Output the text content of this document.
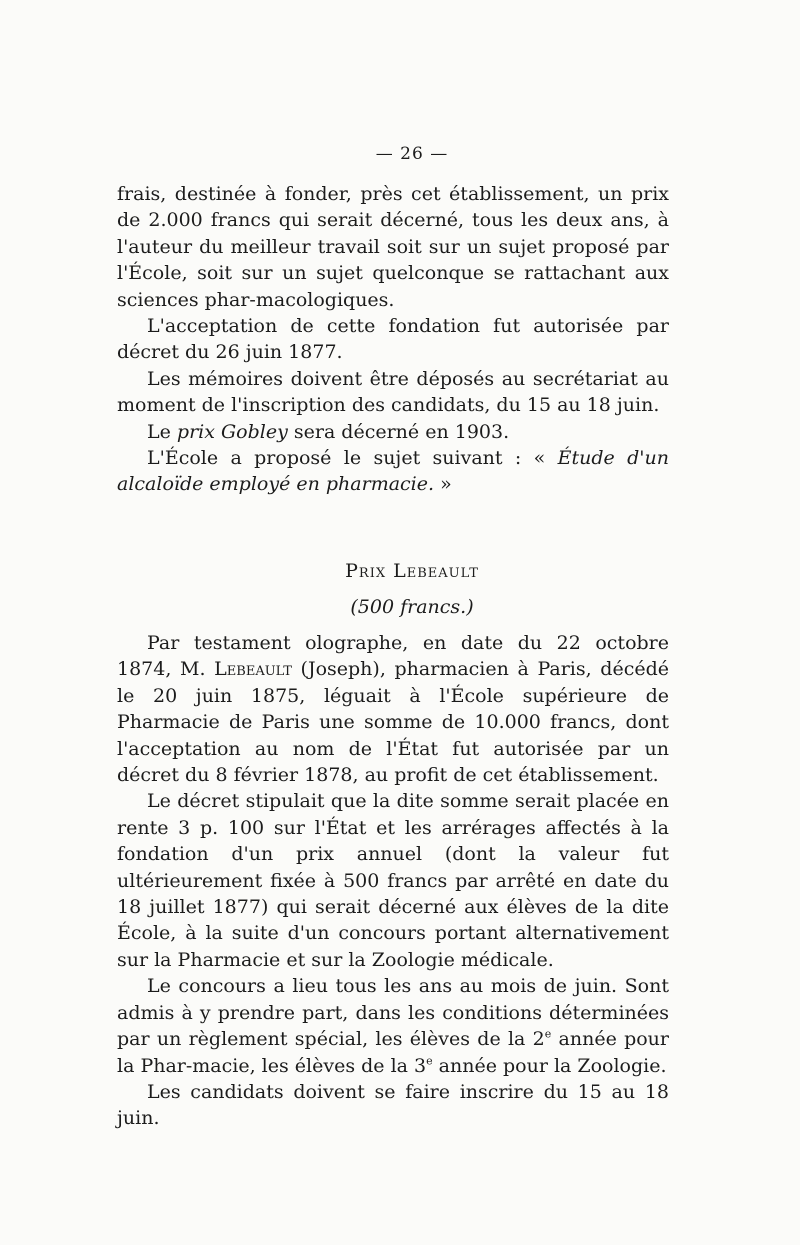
— 26 —

frais, destinée à fonder, près cet établissement, un prix de 2.000 francs qui serait décerné, tous les deux ans, à l'auteur du meilleur travail soit sur un sujet proposé par l'École, soit sur un sujet quelconque se rattachant aux sciences phar-macologiques.

L'acceptation de cette fondation fut autorisée par décret du 26 juin 1877.

Les mémoires doivent être déposés au secrétariat au moment de l'inscription des candidats, du 15 au 18 juin.

Le prix Gobley sera décerné en 1903.

L'École a proposé le sujet suivant : « Étude d'un alcaloïde employé en pharmacie. »

Prix Lebeault
(500 francs.)

Par testament olographe, en date du 22 octobre 1874, M. Lebeault (Joseph), pharmacien à Paris, décédé le 20 juin 1875, léguait à l'École supérieure de Pharmacie de Paris une somme de 10.000 francs, dont l'acceptation au nom de l'État fut autorisée par un décret du 8 février 1878, au profit de cet établissement.

Le décret stipulait que la dite somme serait placée en rente 3 p. 100 sur l'État et les arrérages affectés à la fondation d'un prix annuel (dont la valeur fut ultérieurement fixée à 500 francs par arrêté en date du 18 juillet 1877) qui serait décerné aux élèves de la dite École, à la suite d'un concours portant alternativement sur la Pharmacie et sur la Zoologie médicale.

Le concours a lieu tous les ans au mois de juin. Sont admis à y prendre part, dans les conditions déterminées par un règlement spécial, les élèves de la 2e année pour la Phar-macie, les élèves de la 3e année pour la Zoologie.

Les candidats doivent se faire inscrire du 15 au 18 juin.
